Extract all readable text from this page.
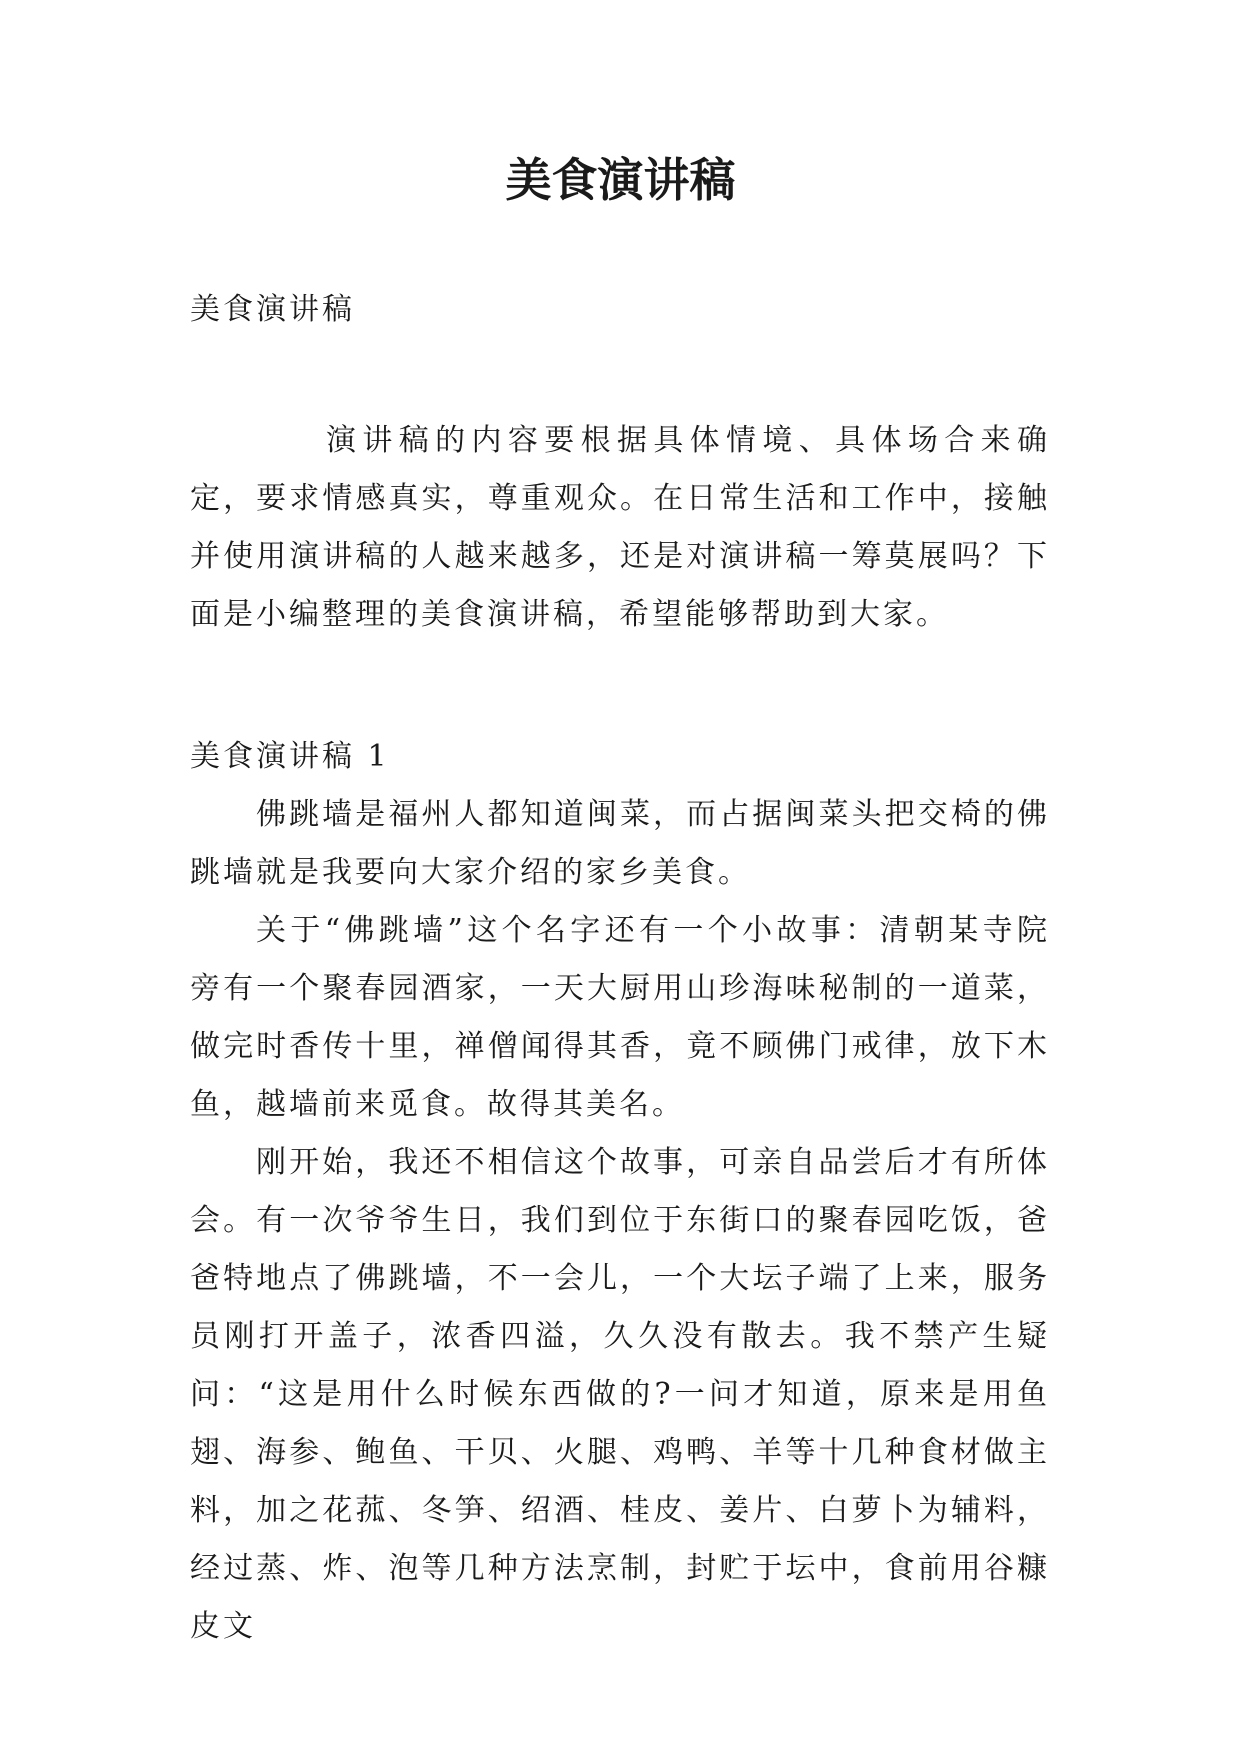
美食演讲稿

美食演讲稿

演讲稿的内容要根据具体情境、具体场合来确定，要求情感真实，尊重观众。在日常生活和工作中，接触并使用演讲稿的人越来越多，还是对演讲稿一筹莫展吗？下面是小编整理的美食演讲稿，希望能够帮助到大家。

美食演讲稿 1

佛跳墙是福州人都知道闽菜，而占据闽菜头把交椅的佛跳墙就是我要向大家介绍的家乡美食。

关于“佛跳墙”这个名字还有一个小故事：清朝某寺院旁有一个聚春园酒家，一天大厨用山珍海味秘制的一道菜，做完时香传十里，禅僧闻得其香，竟不顾佛门戒律，放下木鱼，越墙前来觅食。故得其美名。

刚开始，我还不相信这个故事，可亲自品尝后才有所体会。有一次爷爷生日，我们到位于东街口的聚春园吃饭，爸爸特地点了佛跳墙，不一会儿，一个大坛子端了上来，服务员刚打开盖子，浓香四溢，久久没有散去。我不禁产生疑问：“这是用什么时候东西做的?一问才知道，原来是用鱼翅、海参、鲍鱼、干贝、火腿、鸡鸭、羊等十几种食材做主料，加之花菰、冬笋、绍酒、桂皮、姜片、白萝卜为辅料，经过蒸、炸、泡等几种方法烹制，封贮于坛中，食前用谷糠皮文
